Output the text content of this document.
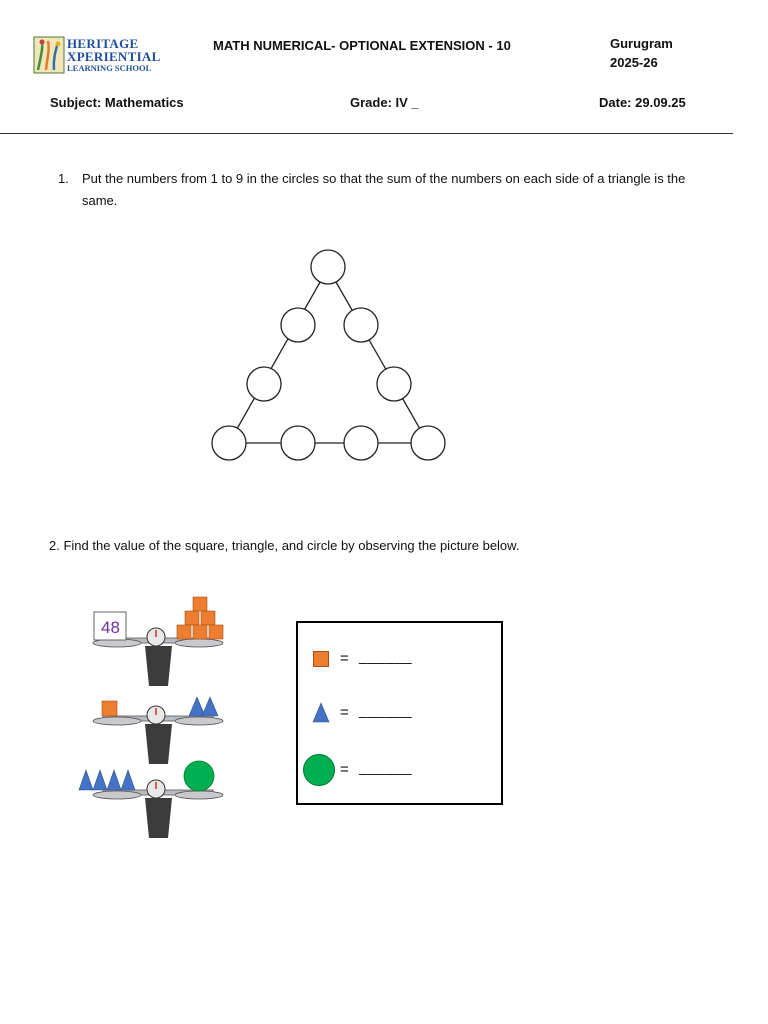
HERITAGE
XPERIENTIAL
LEARNING SCHOOL
MATH NUMERICAL- OPTIONAL EXTENSION - 10	Gurugram
2025-26
Subject: Mathematics	Grade: IV _	Date: 29.09.25
1. Put the numbers from 1 to 9 in the circles so that the sum of the numbers on each side of a triangle is the same.
2. Find the value of the square, triangle, and circle by observing the picture below.
48
= ______
= ______
= ______
